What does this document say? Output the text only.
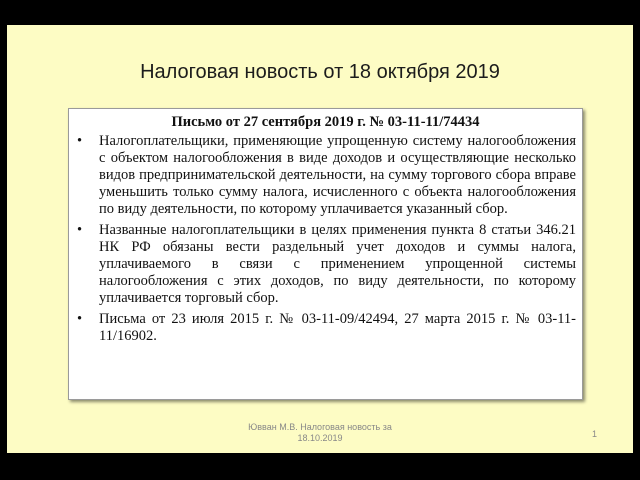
Налоговая новость от 18 октября 2019
Письмо от 27 сентября 2019 г. № 03-11-11/74434
• Налогоплательщики, применяющие упрощенную систему налогообложения с объектом налогообложения в виде доходов и осуществляющие несколько видов предпринимательской деятельности, на сумму торгового сбора вправе уменьшить только сумму налога, исчисленного с объекта налогообложения по виду деятельности, по которому уплачивается указанный сбор.
• Названные налогоплательщики в целях применения пункта 8 статьи 346.21 НК РФ обязаны вести раздельный учет доходов и суммы налога, уплачиваемого в связи с применением упрощенной системы налогообложения с этих доходов, по виду деятельности, по которому уплачивается торговый сбор.
• Письма от 23 июля 2015 г. № 03-11-09/42494, 27 марта 2015 г. № 03-11-11/16902.
Ювван М.В. Налоговая новость за 18.10.2019	1
